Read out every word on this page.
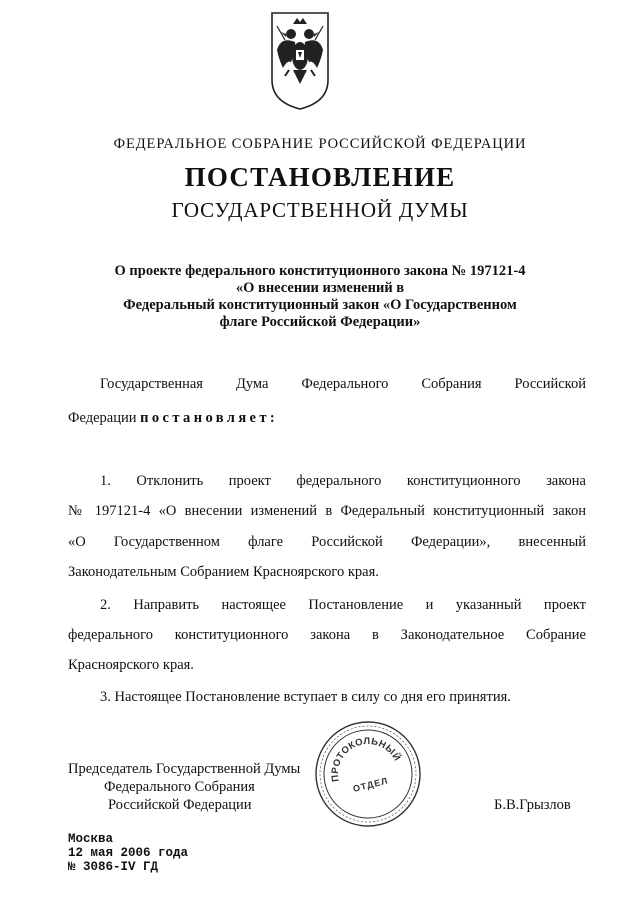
ФЕДЕРАЛЬНОЕ СОБРАНИЕ РОССИЙСКОЙ ФЕДЕРАЦИИ
ПОСТАНОВЛЕНИЕ
ГОСУДАРСТВЕННОЙ ДУМЫ
О проекте федерального конституционного закона № 197121-4
«О внесении изменений в
Федеральный конституционный закон «О Государственном
флаге Российской Федерации»
Государственная Дума Федерального Собрания Российской
Федерации постановляет:
1. Отклонить проект федерального конституционного закона
№ 197121-4 «О внесении изменений в Федеральный конституционный закон
«О Государственном флаге Российской Федерации», внесенный
Законодательным Собранием Красноярского края.
2. Направить настоящее Постановление и указанный проект
федерального конституционного закона в Законодательное Собрание
Красноярского края.
3. Настоящее Постановление вступает в силу со дня его принятия.
Председатель Государственной Думы
Федерального Собрания
Российской Федерации	Б.В.Грызлов
ПРОТОКОЛЬНЫЙ
ОТДЕЛ
Москва
12 мая 2006 года
№ 3086-IV ГД
